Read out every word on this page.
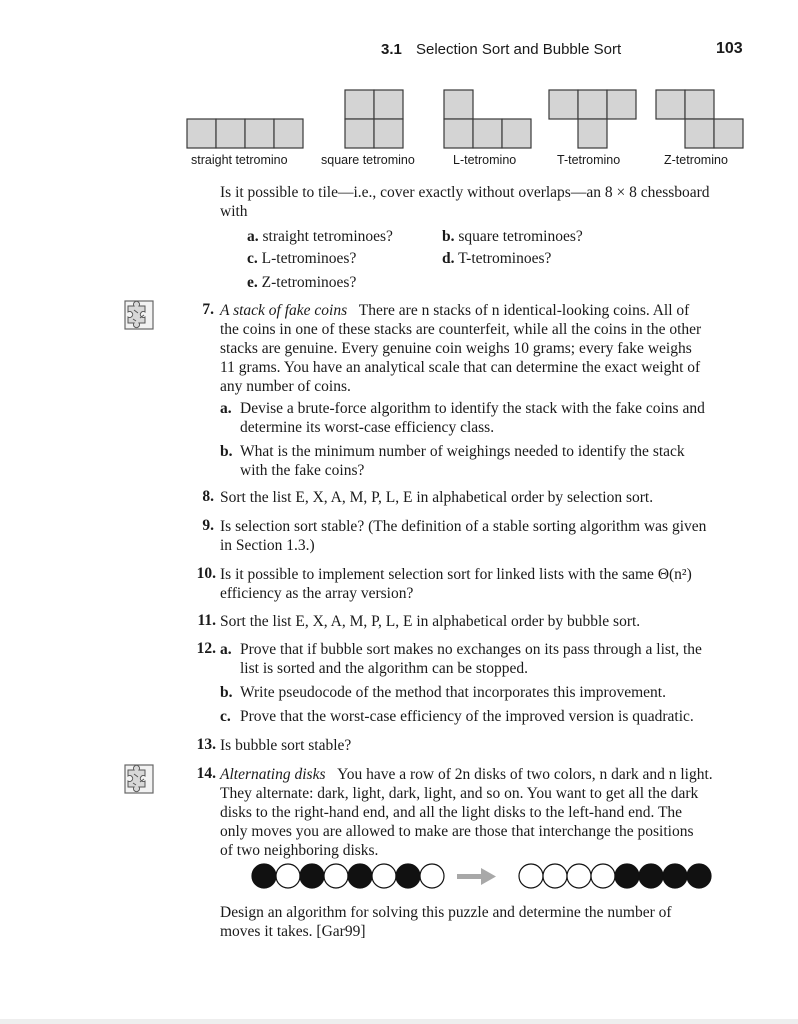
3.1 Selection Sort and Bubble Sort	103
straight tetromino	square tetromino	L-tetromino	T-tetromino	Z-tetromino
Is it possible to tile—i.e., cover exactly without overlaps—an 8 × 8 chessboard
with
a. straight tetrominoes?	b. square tetrominoes?
c. L-tetrominoes?	d. T-tetrominoes?
e. Z-tetrominoes?
7. A stack of fake coins There are n stacks of n identical-looking coins. All of
the coins in one of these stacks are counterfeit, while all the coins in the other
stacks are genuine. Every genuine coin weighs 10 grams; every fake weighs
11 grams. You have an analytical scale that can determine the exact weight of
any number of coins.
a. Devise a brute-force algorithm to identify the stack with the fake coins and
determine its worst-case efficiency class.
b. What is the minimum number of weighings needed to identify the stack
with the fake coins?
8. Sort the list E, X, A, M, P, L, E in alphabetical order by selection sort.
9. Is selection sort stable? (The definition of a stable sorting algorithm was given
in Section 1.3.)
10. Is it possible to implement selection sort for linked lists with the same Θ(n²)
efficiency as the array version?
11. Sort the list E, X, A, M, P, L, E in alphabetical order by bubble sort.
12. a. Prove that if bubble sort makes no exchanges on its pass through a list, the
list is sorted and the algorithm can be stopped.
b. Write pseudocode of the method that incorporates this improvement.
c. Prove that the worst-case efficiency of the improved version is quadratic.
13. Is bubble sort stable?
14. Alternating disks You have a row of 2n disks of two colors, n dark and n light.
They alternate: dark, light, dark, light, and so on. You want to get all the dark
disks to the right-hand end, and all the light disks to the left-hand end. The
only moves you are allowed to make are those that interchange the positions
of two neighboring disks.
Design an algorithm for solving this puzzle and determine the number of
moves it takes. [Gar99]
